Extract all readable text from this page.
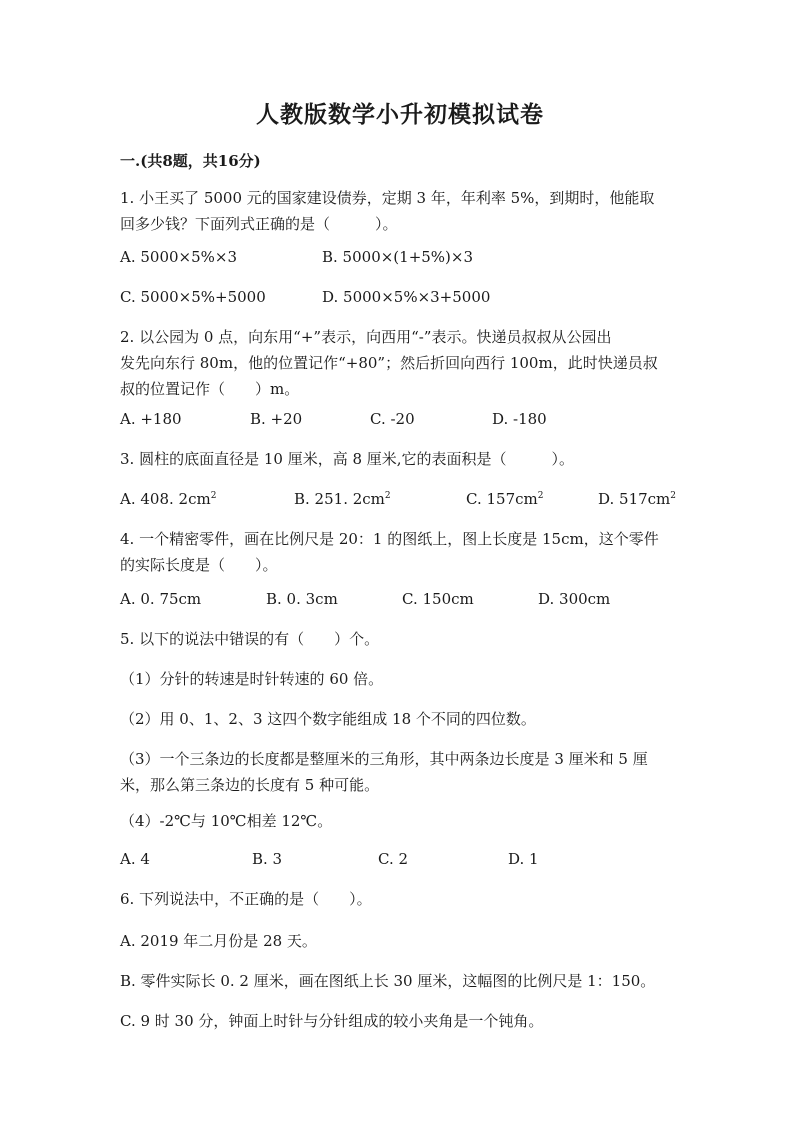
人教版数学小升初模拟试卷
一.(共8题，共16分)
1. 小王买了 5000 元的国家建设债券，定期 3 年，年利率 5%，到期时，他能取
回多少钱？下面列式正确的是（　　　）。
A. 5000×5%×3	B. 5000×(1+5%)×3
C. 5000×5%+5000	D. 5000×5%×3+5000
2. 以公园为 0 点，向东用“+”表示，向西用“-”表示。快递员叔叔从公园出
发先向东行 80m，他的位置记作“+80”；然后折回向西行 100m，此时快递员叔
叔的位置记作（　　）m。
A. +180	B. +20	C. -20	D. -180
3. 圆柱的底面直径是 10 厘米，高 8 厘米,它的表面积是（　　　）。
A. 408. $2cm^2$	B. 251. $2cm^2$	C. $157cm^2$	D. $517cm^2$
4. 一个精密零件，画在比例尺是 20：1 的图纸上，图上长度是 15cm，这个零件
的实际长度是（　　）。
A. 0. 75cm	B. 0. 3cm	C. 150cm	D. 300cm
5. 以下的说法中错误的有（　　）个。
（1）分针的转速是时针转速的 60 倍。
（2）用 0、1、2、3 这四个数字能组成 18 个不同的四位数。
（3）一个三条边的长度都是整厘米的三角形，其中两条边长度是 3 厘米和 5 厘
米，那么第三条边的长度有 5 种可能。
（4）-2℃与 10℃相差 12℃。
A. 4	B. 3	C. 2	D. 1
6. 下列说法中，不正确的是（　　）。
A. 2019 年二月份是 28 天。
B. 零件实际长 0. 2 厘米，画在图纸上长 30 厘米，这幅图的比例尺是 1：150。
C. 9 时 30 分，钟面上时针与分针组成的较小夹角是一个钝角。
